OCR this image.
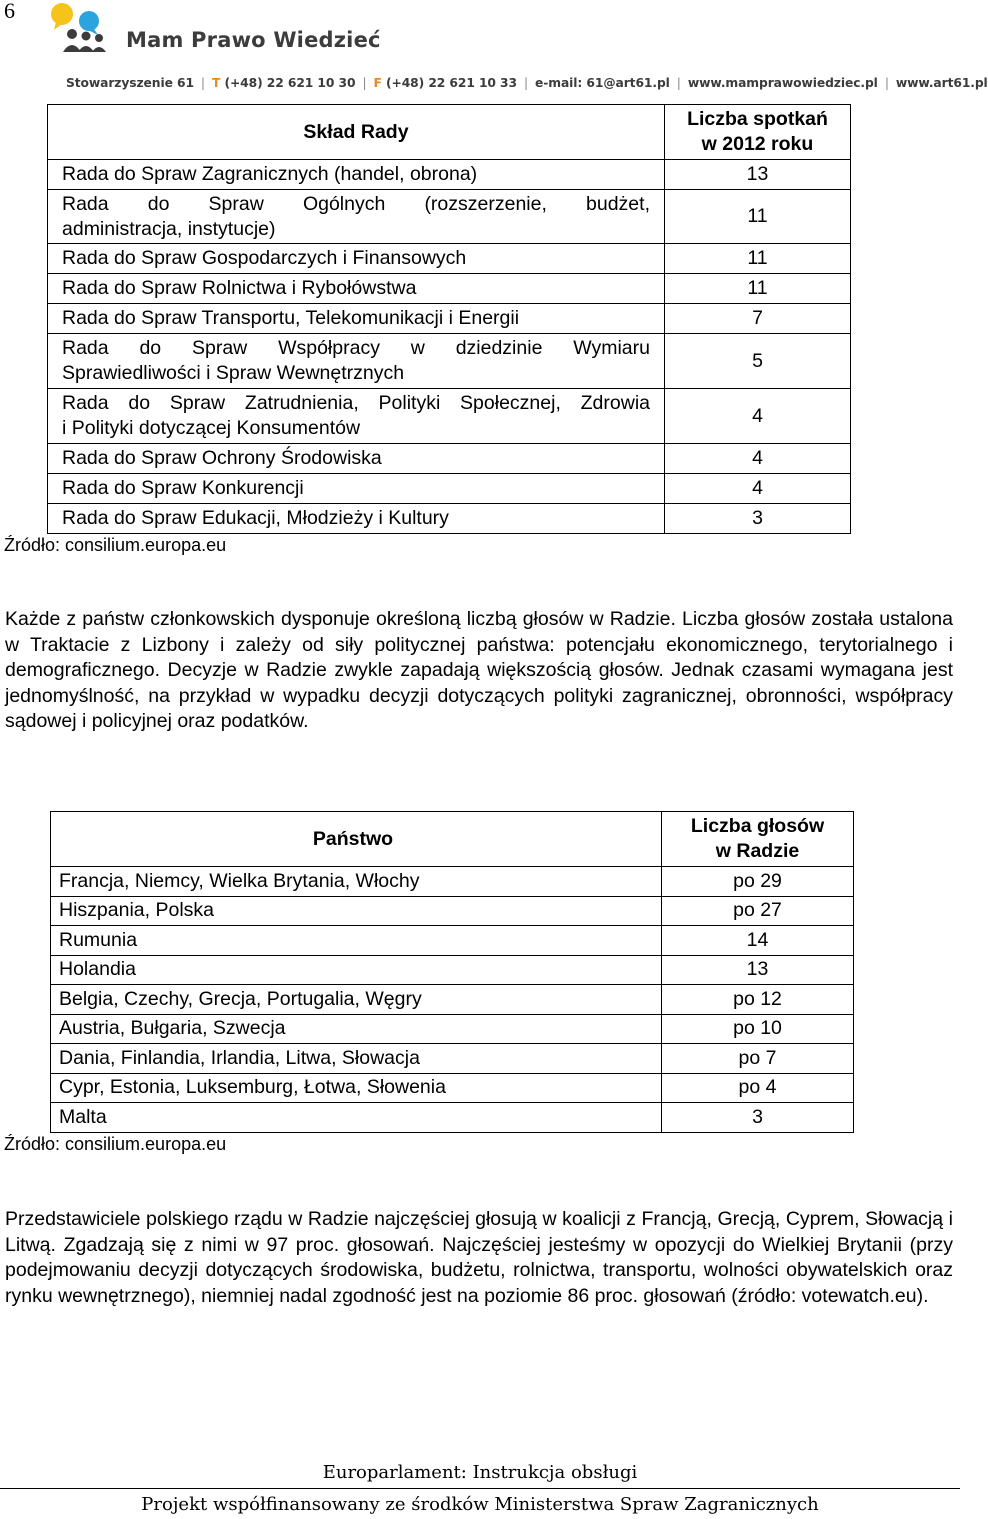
6
Mam Prawo Wiedzieć
Stowarzyszenie 61 | T (+48) 22 621 10 30 | F (+48) 22 621 10 33 | e-mail: 61@art61.pl | www.mamprawowiedziec.pl | www.art61.pl
Skład Rady	Liczba spotkań
w 2012 roku
Rada do Spraw Zagranicznych (handel, obrona)	13
Rada do Spraw Ogólnych (rozszerzenie, budżet,
administracja, instytucje)	11
Rada do Spraw Gospodarczych i Finansowych	11
Rada do Spraw Rolnictwa i Rybołówstwa	11
Rada do Spraw Transportu, Telekomunikacji i Energii	7
Rada do Spraw Współpracy w dziedzinie Wymiaru
Sprawiedliwości i Spraw Wewnętrznych	5
Rada do Spraw Zatrudnienia, Polityki Społecznej, Zdrowia
i Polityki dotyczącej Konsumentów	4
Rada do Spraw Ochrony Środowiska	4
Rada do Spraw Konkurencji	4
Rada do Spraw Edukacji, Młodzieży i Kultury	3
Źródło: consilium.europa.eu

Każde z państw członkowskich dysponuje określoną liczbą głosów w Radzie. Liczba głosów została ustalona w Traktacie z Lizbony i zależy od siły politycznej państwa: potencjału ekonomicznego, terytorialnego i demograficznego. Decyzje w Radzie zwykle zapadają większością głosów. Jednak czasami wymagana jest jednomyślność, na przykład w wypadku decyzji dotyczących polityki zagranicznej, obronności, współpracy sądowej i policyjnej oraz podatków.

Państwo	Liczba głosów
w Radzie
Francja, Niemcy, Wielka Brytania, Włochy	po 29
Hiszpania, Polska	po 27
Rumunia	14
Holandia	13
Belgia, Czechy, Grecja, Portugalia, Węgry	po 12
Austria, Bułgaria, Szwecja	po 10
Dania, Finlandia, Irlandia, Litwa, Słowacja	po 7
Cypr, Estonia, Luksemburg, Łotwa, Słowenia	po 4
Malta	3
Źródło: consilium.europa.eu

Przedstawiciele polskiego rządu w Radzie najczęściej głosują w koalicji z Francją, Grecją, Cyprem, Słowacją i Litwą. Zgadzają się z nimi w 97 proc. głosowań. Najczęściej jesteśmy w opozycji do Wielkiej Brytanii (przy podejmowaniu decyzji dotyczących środowiska, budżetu, rolnictwa, transportu, wolności obywatelskich oraz rynku wewnętrznego), niemniej nadal zgodność jest na poziomie 86 proc. głosowań (źródło: votewatch.eu).

Europarlament: Instrukcja obsługi
Projekt współfinansowany ze środków Ministerstwa Spraw Zagranicznych
